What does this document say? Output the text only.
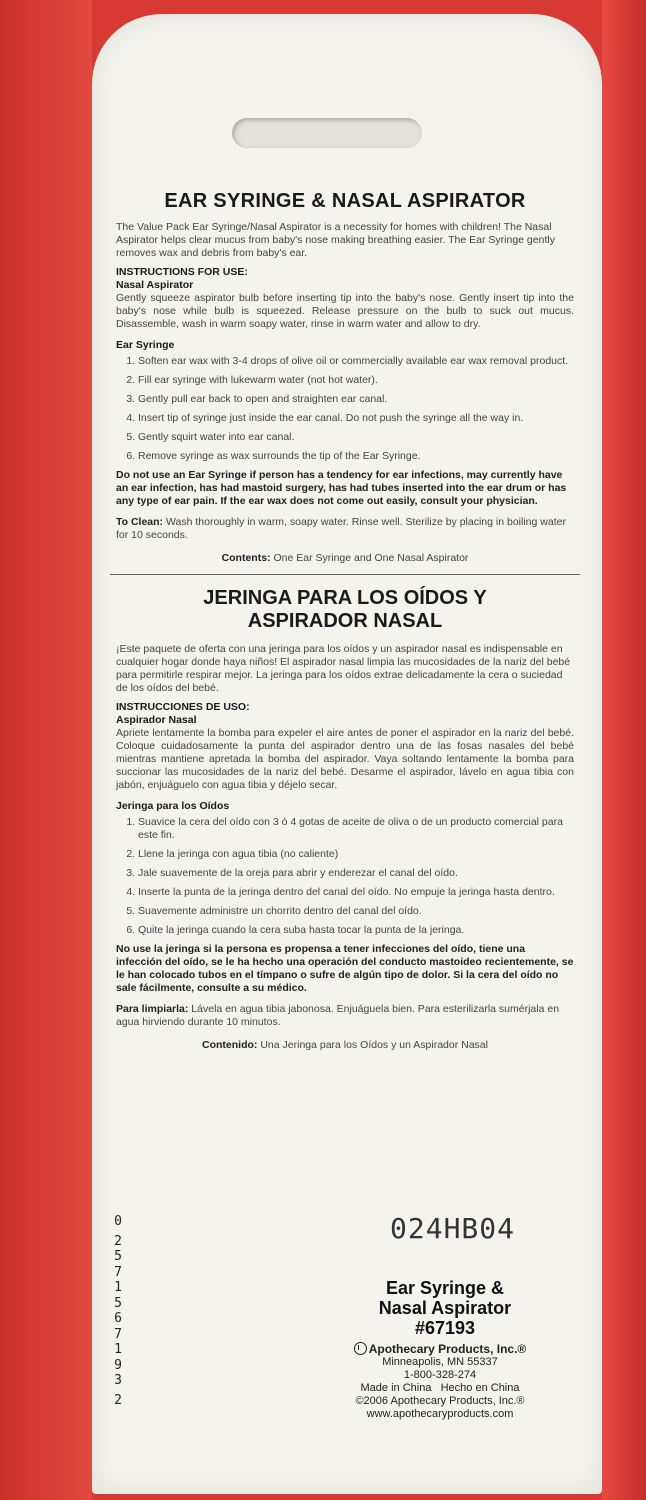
EAR SYRINGE & NASAL ASPIRATOR

The Value Pack Ear Syringe/Nasal Aspirator is a necessity for homes with children! The Nasal Aspirator helps clear mucus from baby's nose making breathing easier. The Ear Syringe gently removes wax and debris from baby's ear.

INSTRUCTIONS FOR USE:

Nasal Aspirator

Gently squeeze aspirator bulb before inserting tip into the baby's nose. Gently insert tip into the baby's nose while bulb is squeezed. Release pressure on the bulb to suck out mucus. Disassemble, wash in warm soapy water, rinse in warm water and allow to dry.

Ear Syringe

1. Soften ear wax with 3-4 drops of olive oil or commercially available ear wax removal product.
2. Fill ear syringe with lukewarm water (not hot water).
3. Gently pull ear back to open and straighten ear canal.
4. Insert tip of syringe just inside the ear canal. Do not push the syringe all the way in.
5. Gently squirt water into ear canal.
6. Remove syringe as wax surrounds the tip of the Ear Syringe.

Do not use an Ear Syringe if person has a tendency for ear infections, may currently have an ear infection, has had mastoid surgery, has had tubes inserted into the ear drum or has any type of ear pain. If the ear wax does not come out easily, consult your physician.

To Clean: Wash thoroughly in warm, soapy water. Rinse well. Sterilize by placing in boiling water for 10 seconds.

Contents: One Ear Syringe and One Nasal Aspirator

JERINGA PARA LOS OÍDOS Y
ASPIRADOR NASAL

¡Este paquete de oferta con una jeringa para los oídos y un aspirador nasal es indispensable en cualquier hogar donde haya niños! El aspirador nasal limpia las mucosidades de la nariz del bebé para permitirle respirar mejor. La jeringa para los oídos extrae delicadamente la cera o suciedad de los oídos del bebé.

INSTRUCCIONES DE USO:

Aspirador Nasal

Apriete lentamente la bomba para expeler el aire antes de poner el aspirador en la nariz del bebé. Coloque cuidadosamente la punta del aspirador dentro una de las fosas nasales del bebé mientras mantiene apretada la bomba del aspirador. Vaya soltando lentamente la bomba para succionar las mucosidades de la nariz del bebé. Desarme el aspirador, lávelo en agua tibia con jabón, enjuáguelo con agua tibia y déjelo secar.

Jeringa para los Oídos

1. Suavice la cera del oído con 3 ó 4 gotas de aceite de oliva o de un producto comercial para este fin.
2. Llene la jeringa con agua tibia (no caliente)
3. Jale suavemente de la oreja para abrir y enderezar el canal del oído.
4. Inserte la punta de la jeringa dentro del canal del oído. No empuje la jeringa hasta dentro.
5. Suavemente administre un chorrito dentro del canal del oído.
6. Quite la jeringa cuando la cera suba hasta tocar la punta de la jeringa.

No use la jeringa si la persona es propensa a tener infecciones del oído, tiene una infección del oído, se le ha hecho una operación del conducto mastoideo recientemente, se le han colocado tubos en el tímpano o sufre de algún tipo de dolor. Si la cera del oído no sale fácilmente, consulte a su médico.

Para limpiarla: Lávela en agua tibia jabonosa. Enjuáguela bien. Para esterilizarla sumérjala en agua hirviendo durante 10 minutos.

Contenido: Una Jeringa para los Oídos y un Aspirador Nasal

0
2
5
7
1
5
6
7
1
9
3
2
024HB04
Ear Syringe &
Nasal Aspirator
#67193
Apothecary Products, Inc.®
Minneapolis, MN 55337
1-800-328-274
Made in China   Hecho en China
©2006 Apothecary Products, Inc.®
www.apothecaryproducts.com
